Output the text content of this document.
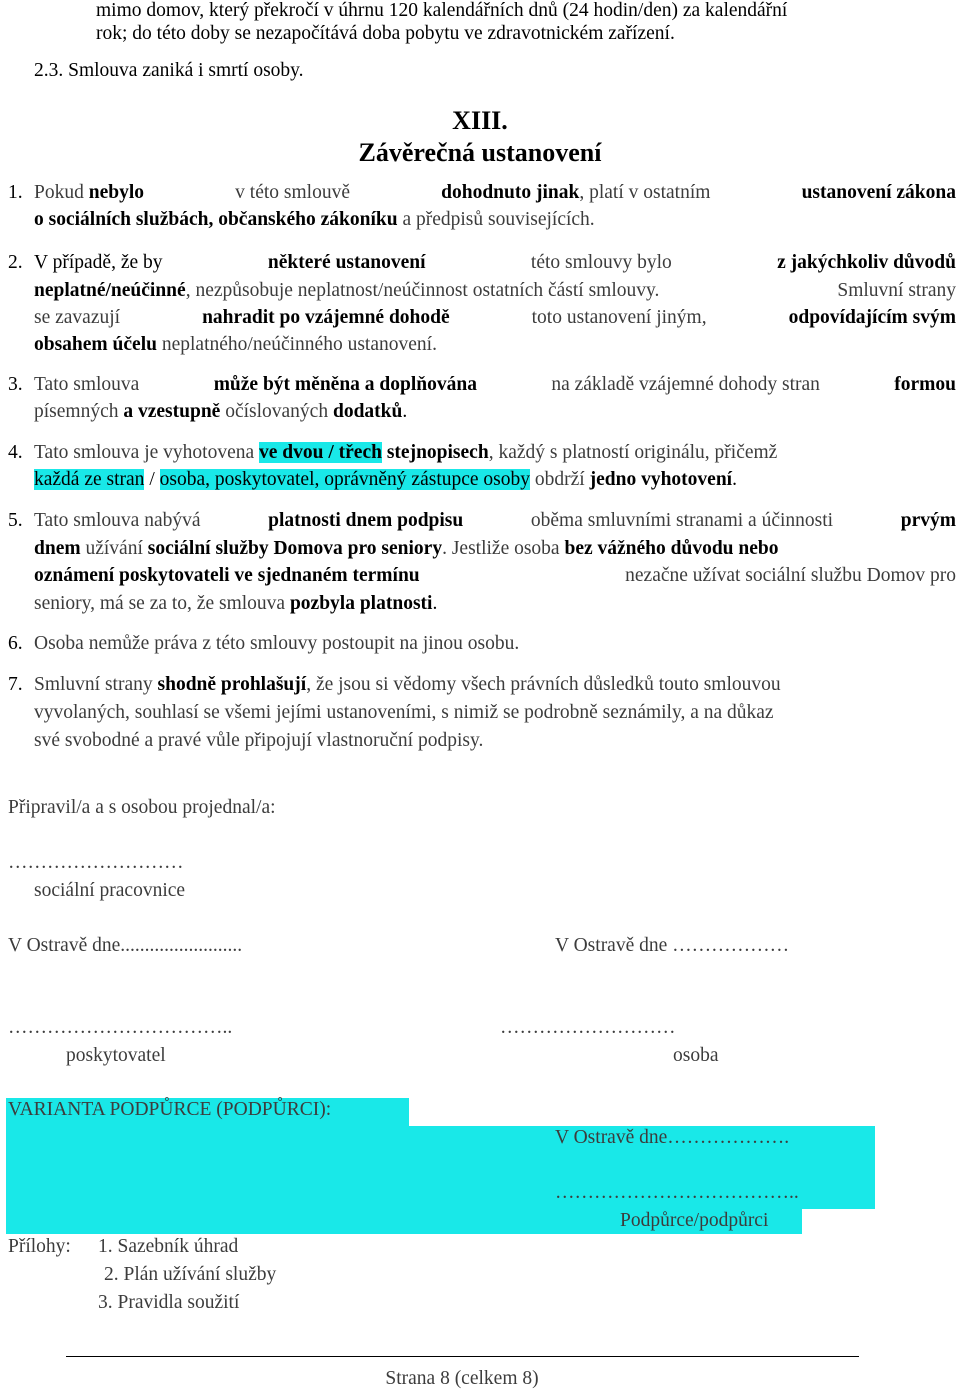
mimo domov, který překročí v úhrnu 120 kalendářních dnů (24 hodin/den) za kalendářní
rok; do této doby se nezapočítává doba pobytu ve zdravotnickém zařízení.
2.3. Smlouva zaniká i smrtí osoby.
XIII.
Závěrečná ustanovení
1. Pokud nebylo	v této smlouvě	dohodnuto jinak, platí v ostatním	ustanovení zákona
o sociálních službách, občanského zákoníku a předpisů souvisejících.
2. V případě, že by	některé ustanovení	této smlouvy bylo	z jakýchkoliv důvodů
neplatné/neúčinné, nezpůsobuje neplatnost/neúčinnost ostatních částí smlouvy.	Smluvní strany
se zavazují	nahradit po vzájemné dohodě	toto ustanovení jiným,	odpovídajícím svým
obsahem účelu neplatného/neúčinného ustanovení.
3. Tato smlouva	může být měněna a doplňována	na základě vzájemné dohody stran	formou
písemných a vzestupně očíslovaných dodatků.
4. Tato smlouva je vyhotovena ve dvou / třech stejnopisech, každý s platností originálu, přičemž
každá ze stran / osoba, poskytovatel, oprávněný zástupce osoby obdrží jedno vyhotovení.
5. Tato smlouva nabývá	platnosti dnem podpisu	oběma smluvními stranami a účinnosti	prvým
dnem užívání sociální služby Domova pro seniory. Jestliže osoba bez vážného důvodu nebo
oznámení poskytovateli ve sjednaném termínu	nezačne užívat sociální službu Domov pro
seniory, má se za to, že smlouva pozbyla platnosti.
6. Osoba nemůže práva z této smlouvy postoupit na jinou osobu.
7. Smluvní strany shodně prohlašují, že jsou si vědomy všech právních důsledků touto smlouvou
vyvolaných, souhlasí se všemi jejími ustanoveními, s nimiž se podrobně seznámily, a na důkaz
své svobodné a pravé vůle připojují vlastnoruční podpisy.
Připravil/a a s osobou projednal/a:
………………………
sociální pracovnice
V Ostravě dne.........................	V Ostravě dne ………………
……………………………..	………………………
poskytovatel	osoba
VARIANTA PODPŮRCE (PODPŮRCI):
V Ostravě dne……………….
………………………………..
Podpůrce/podpůrci
Přílohy: 1. Sazebník úhrad
2. Plán užívání služby
3. Pravidla soužití
Strana 8 (celkem 8)
